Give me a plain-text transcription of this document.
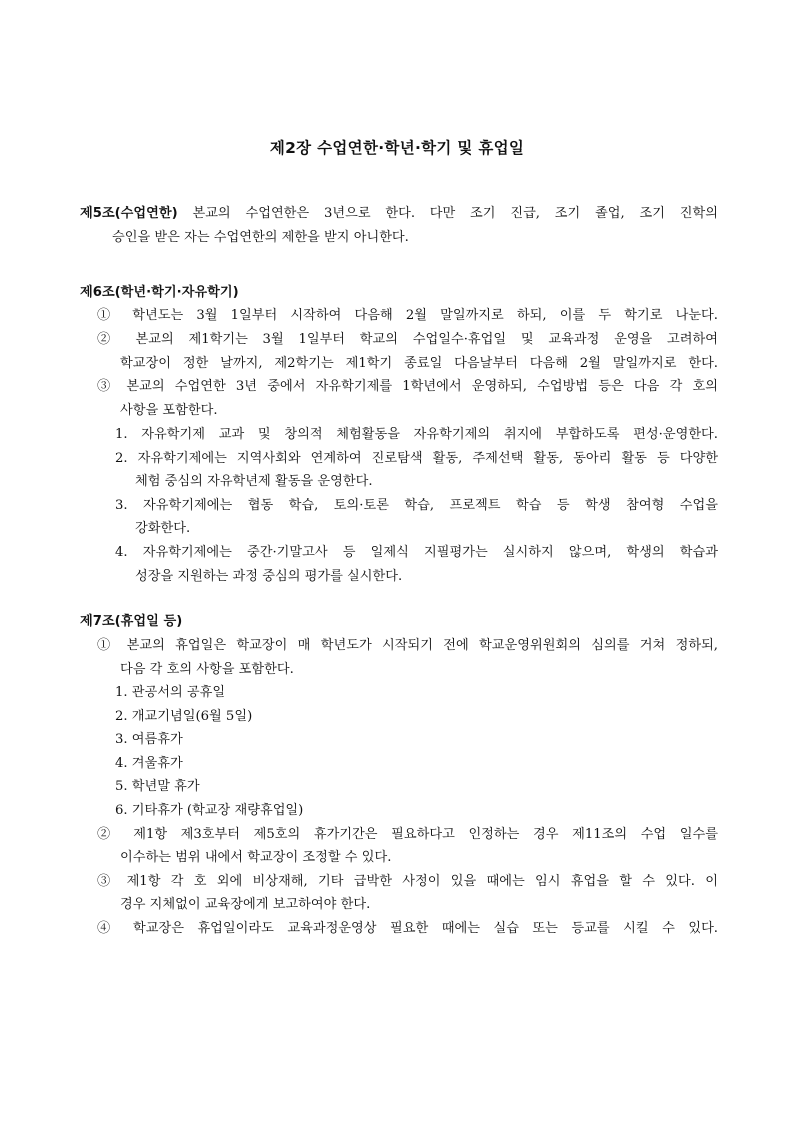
제2장 수업연한·학년·학기 및 휴업일
제5조(수업연한) 본교의 수업연한은 3년으로 한다. 다만 조기 진급, 조기 졸업, 조기 진학의
승인을 받은 자는 수업연한의 제한을 받지 아니한다.
제6조(학년·학기·자유학기)
① 학년도는 3월 1일부터 시작하여 다음해 2월 말일까지로 하되, 이를 두 학기로 나눈다.
② 본교의 제1학기는 3월 1일부터 학교의 수업일수·휴업일 및 교육과정 운영을 고려하여
학교장이 정한 날까지, 제2학기는 제1학기 종료일 다음날부터 다음해 2월 말일까지로 한다.
③ 본교의 수업연한 3년 중에서 자유학기제를 1학년에서 운영하되, 수업방법 등은 다음 각 호의
사항을 포함한다.
1. 자유학기제 교과 및 창의적 체험활동을 자유학기제의 취지에 부합하도록 편성·운영한다.
2. 자유학기제에는 지역사회와 연계하여 진로탐색 활동, 주제선택 활동, 동아리 활동 등 다양한
체험 중심의 자유학년제 활동을 운영한다.
3. 자유학기제에는 협동 학습, 토의·토론 학습, 프로젝트 학습 등 학생 참여형 수업을
강화한다.
4. 자유학기제에는 중간·기말고사 등 일제식 지필평가는 실시하지 않으며, 학생의 학습과
성장을 지원하는 과정 중심의 평가를 실시한다.
제7조(휴업일 등)
① 본교의 휴업일은 학교장이 매 학년도가 시작되기 전에 학교운영위원회의 심의를 거쳐 정하되,
다음 각 호의 사항을 포함한다.
1. 관공서의 공휴일
2. 개교기념일(6월 5일)
3. 여름휴가
4. 겨울휴가
5. 학년말 휴가
6. 기타휴가 (학교장 재량휴업일)
② 제1항 제3호부터 제5호의 휴가기간은 필요하다고 인정하는 경우 제11조의 수업 일수를
이수하는 범위 내에서 학교장이 조정할 수 있다.
③ 제1항 각 호 외에 비상재해, 기타 급박한 사정이 있을 때에는 임시 휴업을 할 수 있다. 이
경우 지체없이 교육장에게 보고하여야 한다.
④ 학교장은 휴업일이라도 교육과정운영상 필요한 때에는 실습 또는 등교를 시킬 수 있다.
